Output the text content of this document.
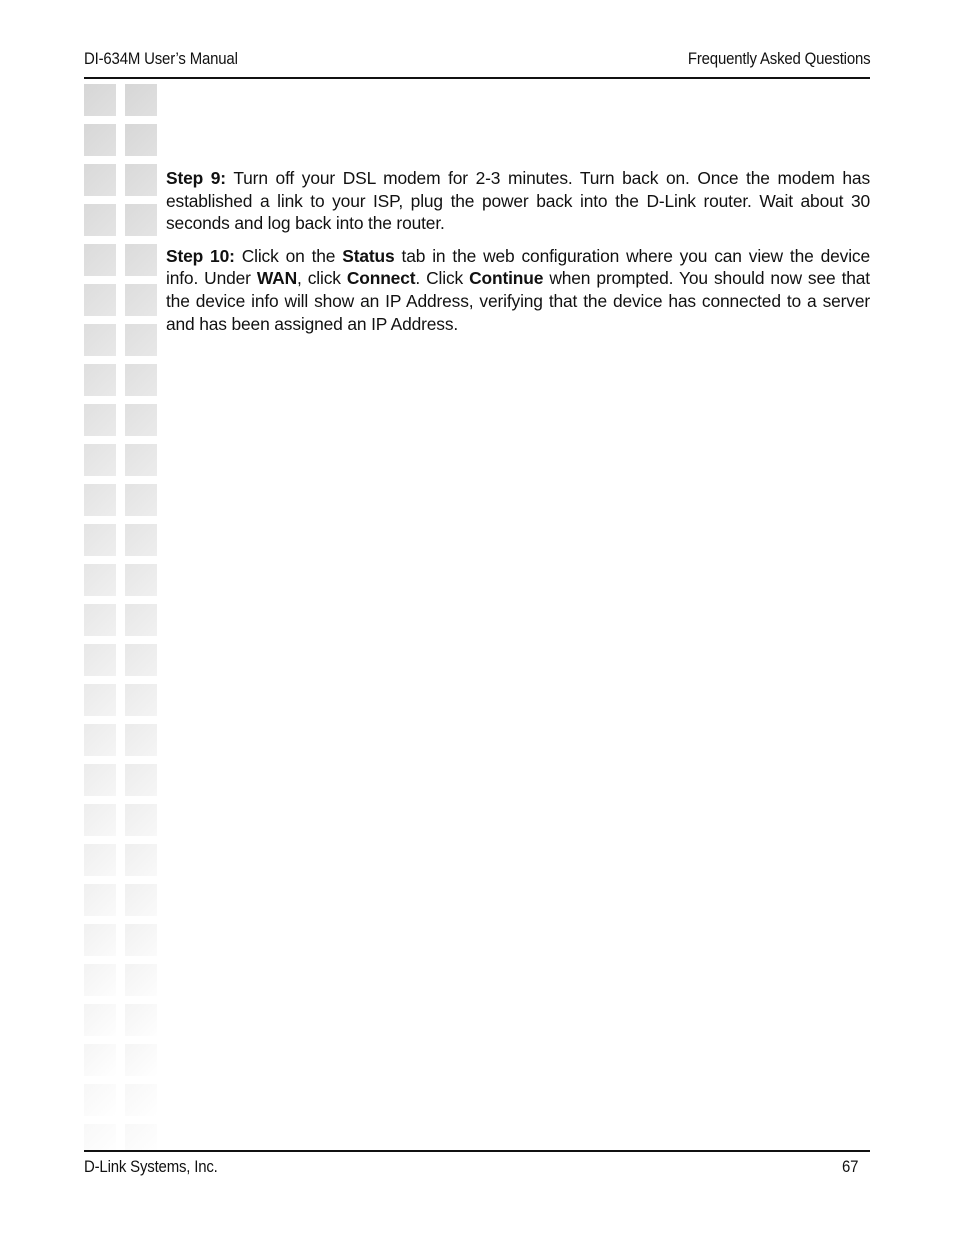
DI-634M User’s Manual	Frequently Asked Questions

Step 9: Turn off your DSL modem for 2-3 minutes. Turn back on. Once the modem has established a link to your ISP, plug the power back into the D-Link router. Wait about 30 seconds and log back into the router.

Step 10: Click on the Status tab in the web configuration where you can view the device info. Under WAN, click Connect. Click Continue when prompted. You should now see that the device info will show an IP Address, verifying that the device has connected to a server and has been assigned an IP Address.

D-Link Systems, Inc.	67
